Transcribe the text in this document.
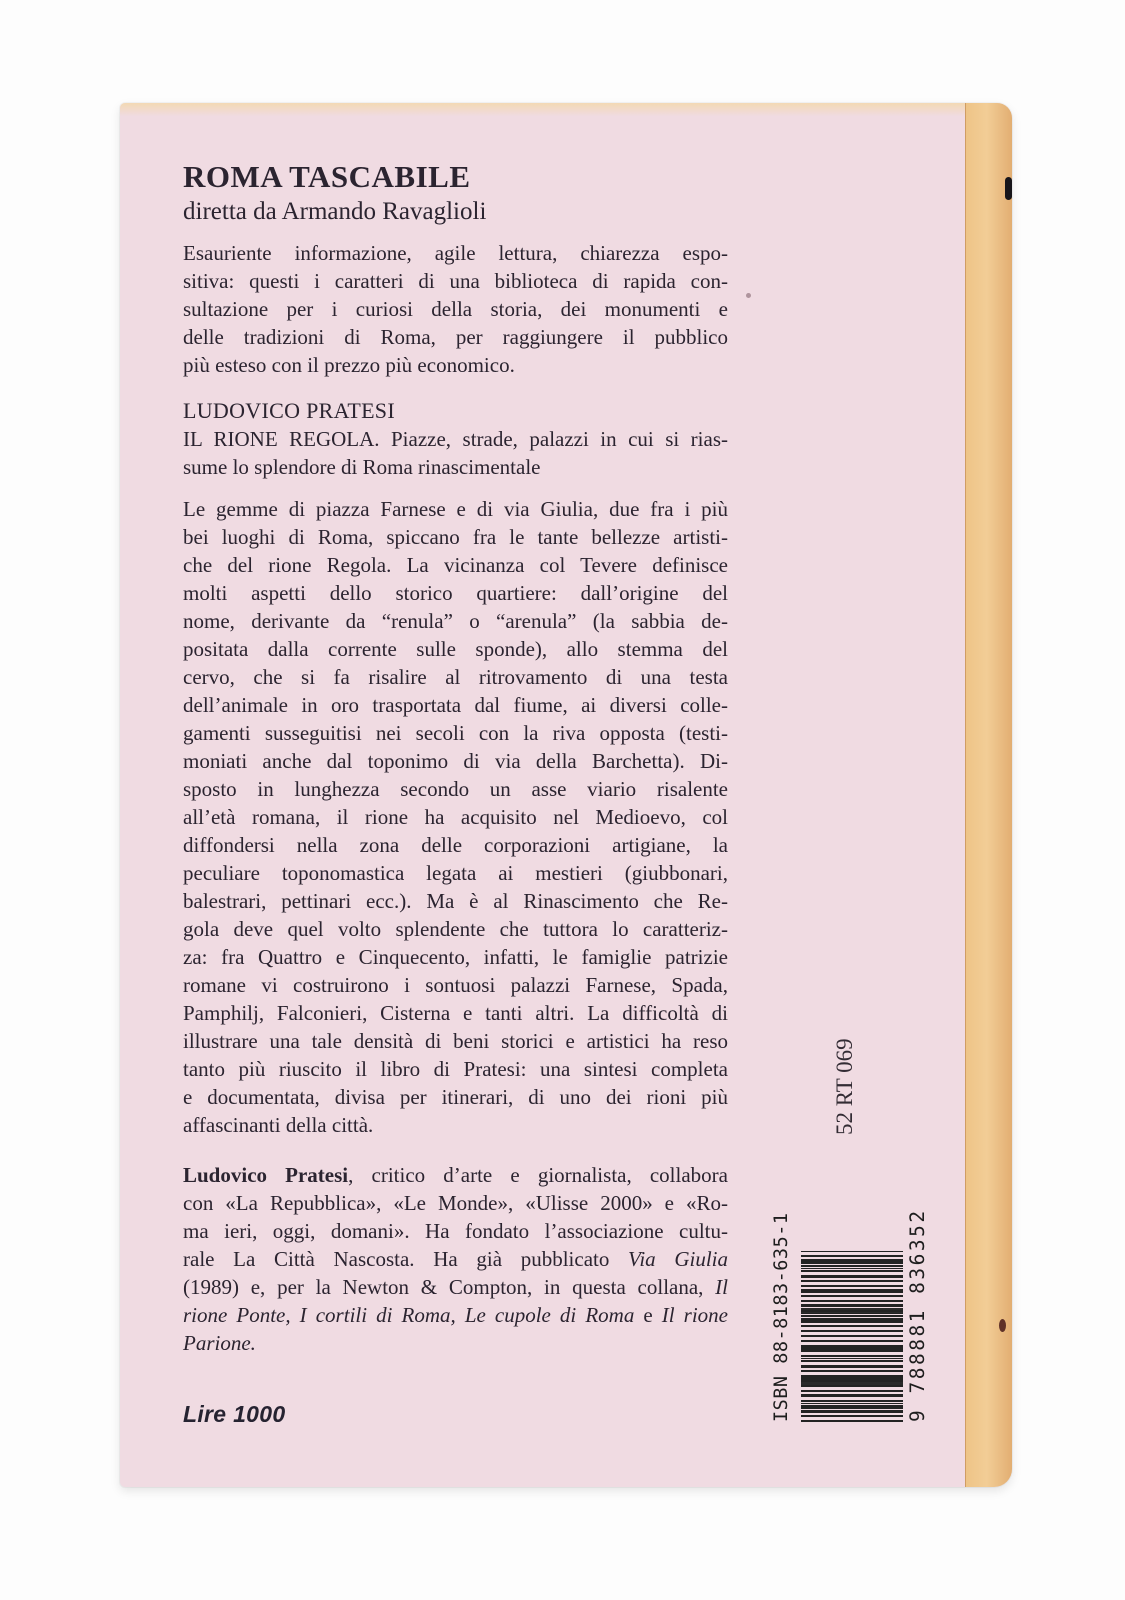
ROMA TASCABILE
diretta da Armando Ravaglioli
Esauriente informazione, agile lettura, chiarezza espo-
sitiva: questi i caratteri di una biblioteca di rapida con-
sultazione per i curiosi della storia, dei monumenti e
delle tradizioni di Roma, per raggiungere il pubblico
più esteso con il prezzo più economico.
LUDOVICO PRATESI
IL RIONE REGOLA. Piazze, strade, palazzi in cui si rias-
sume lo splendore di Roma rinascimentale
Le gemme di piazza Farnese e di via Giulia, due fra i più
bei luoghi di Roma, spiccano fra le tante bellezze artisti-
che del rione Regola. La vicinanza col Tevere definisce
molti aspetti dello storico quartiere: dall’origine del
nome, derivante da “renula” o “arenula” (la sabbia de-
positata dalla corrente sulle sponde), allo stemma del
cervo, che si fa risalire al ritrovamento di una testa
dell’animale in oro trasportata dal fiume, ai diversi colle-
gamenti susseguitisi nei secoli con la riva opposta (testi-
moniati anche dal toponimo di via della Barchetta). Di-
sposto in lunghezza secondo un asse viario risalente
all’età romana, il rione ha acquisito nel Medioevo, col
diffondersi nella zona delle corporazioni artigiane, la
peculiare toponomastica legata ai mestieri (giubbonari,
balestrari, pettinari ecc.). Ma è al Rinascimento che Re-
gola deve quel volto splendente che tuttora lo caratteriz-
za: fra Quattro e Cinquecento, infatti, le famiglie patrizie
romane vi costruirono i sontuosi palazzi Farnese, Spada,
Pamphilj, Falconieri, Cisterna e tanti altri. La difficoltà di
illustrare una tale densità di beni storici e artistici ha reso
tanto più riuscito il libro di Pratesi: una sintesi completa
e documentata, divisa per itinerari, di uno dei rioni più
affascinanti della città.
Ludovico Pratesi, critico d’arte e giornalista, collabora
con «La Repubblica», «Le Monde», «Ulisse 2000» e «Ro-
ma ieri, oggi, domani». Ha fondato l’associazione cultu-
rale La Città Nascosta. Ha già pubblicato Via Giulia
(1989) e, per la Newton & Compton, in questa collana, Il
rione Ponte, I cortili di Roma, Le cupole di Roma e Il rione
Parione.
Lire 1000
52 RT 069
ISBN 88-8183-635-1	9 788881 836352
